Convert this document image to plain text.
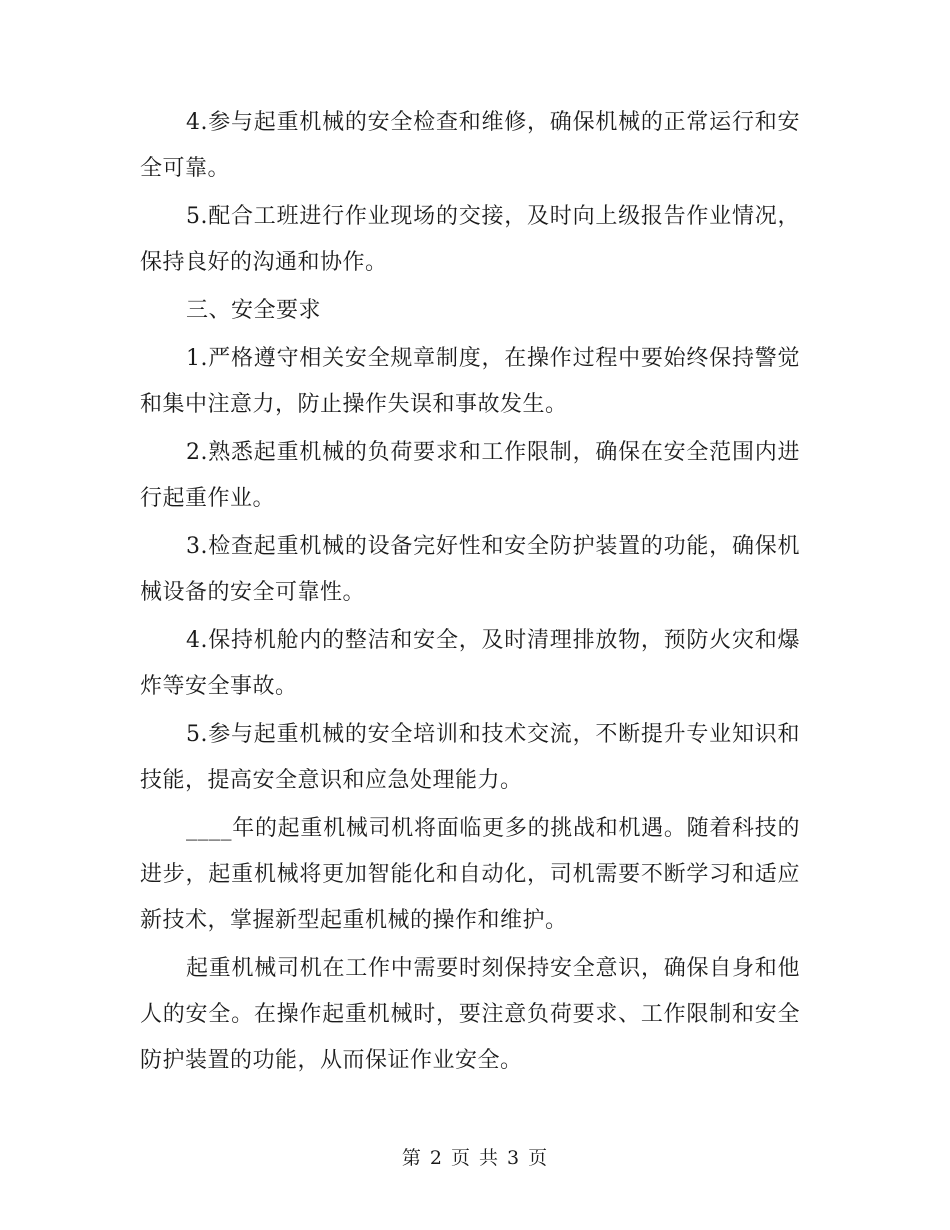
4.参与起重机械的安全检查和维修，确保机械的正常运行和安全可靠。

5.配合工班进行作业现场的交接，及时向上级报告作业情况，保持良好的沟通和协作。

三、安全要求

1.严格遵守相关安全规章制度，在操作过程中要始终保持警觉和集中注意力，防止操作失误和事故发生。

2.熟悉起重机械的负荷要求和工作限制，确保在安全范围内进行起重作业。

3.检查起重机械的设备完好性和安全防护装置的功能，确保机械设备的安全可靠性。

4.保持机舱内的整洁和安全，及时清理排放物，预防火灾和爆炸等安全事故。

5.参与起重机械的安全培训和技术交流，不断提升专业知识和技能，提高安全意识和应急处理能力。

____年的起重机械司机将面临更多的挑战和机遇。随着科技的进步，起重机械将更加智能化和自动化，司机需要不断学习和适应新技术，掌握新型起重机械的操作和维护。

起重机械司机在工作中需要时刻保持安全意识，确保自身和他人的安全。在操作起重机械时，要注意负荷要求、工作限制和安全防护装置的功能，从而保证作业安全。

第 2 页 共 3 页
